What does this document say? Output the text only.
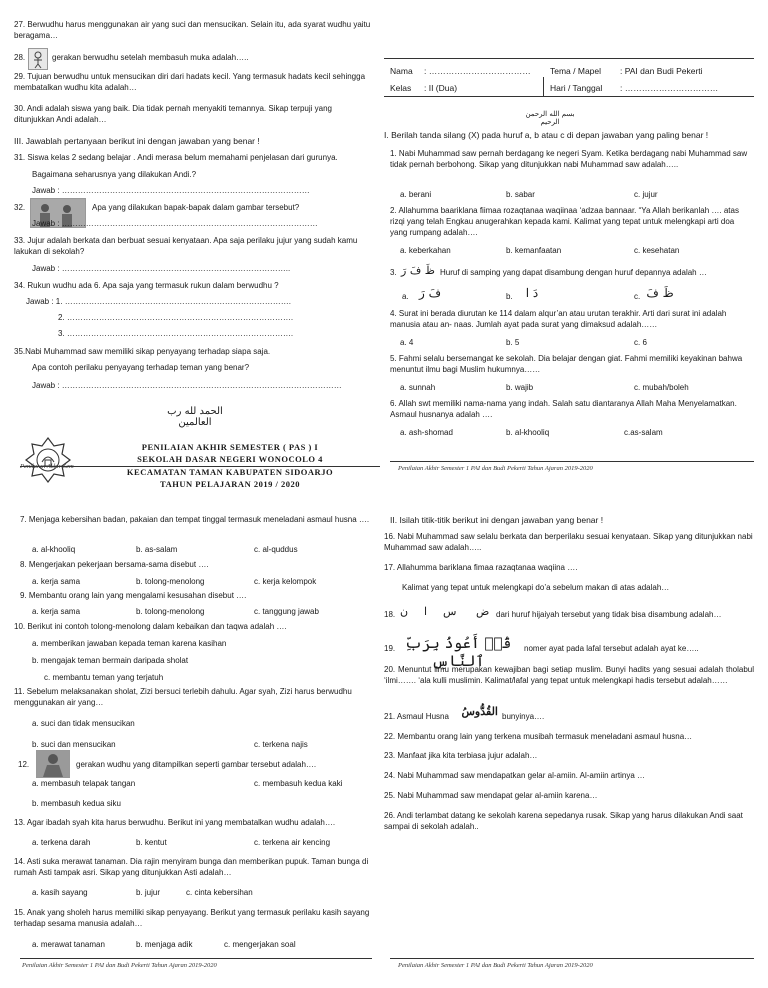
27. Berwudhu harus menggunakan air yang suci dan mensucikan. Selain itu, ada syarat wudhu yaitu beragama…
28.	gerakan berwudhu setelah membasuh muka adalah…..
29. Tujuan berwudhu untuk mensucikan diri dari hadats kecil. Yang termasuk hadats kecil sehingga membatalkan wudhu kita adalah…
30. Andi adalah siswa yang baik. Dia tidak pernah menyakiti temannya. Sikap terpuji yang ditunjukkan Andi adalah…
III. Jawablah pertanyaan berikut ini dengan jawaban yang benar !
31. Siswa kelas 2 sedang belajar . Andi merasa belum memahami penjelasan dari gurunya.
Bagaimana seharusnya yang dilakukan Andi.?
Jawab : …………………………………………………………………………………
32.	Apa yang dilakukan bapak-bapak dalam gambar tersebut?
Jawab : ……………………………………………………………………………………
33. Jujur adalah berkata dan berbuat sesuai kenyataan. Apa saja perilaku jujur yang sudah kamu lakukan di sekolah?
Jawab : …………………………………………………………………………..
34. Rukun wudhu ada 6. Apa saja yang termasuk rukun dalam berwudhu ?
Jawab : 1. ………………………………………………………………………….
2. ………………………………………………………………………….
3. ………………………………………………………………………….
35.Nabi Muhammad saw memiliki sikap penyayang terhadap siapa saja.
Apa contoh perilaku penyayang terhadap teman yang benar?
Jawab : ……………………………………………………………………………………………
الحمد لله رب العالمين
PENILAIAN AKHIR SEMESTER ( PAS ) I
SEKOLAH DASAR NEGERI WONOCOLO 4
KECAMATAN TAMAN KABUPATEN SIDOARJO
TAHUN PELAJARAN 2019 / 2020
Nama : ……………………………… Tema / Mapel : PAI dan Budi Pekerti
Kelas : II (Dua)	Hari / Tanggal : ……………………………
بسم الله الرحمن الرحيم
I. Berilah tanda silang (X) pada huruf a, b atau c di depan jawaban yang paling benar !
1. Nabi Muhammad saw pernah berdagang ke negeri Syam. Ketika berdagang nabi Muhammad saw tidak pernah berbohong. Sikap yang ditunjukkan nabi Muhammad saw adalah…..
a. berani	b. sabar	c. jujur
2. Allahumma baariklana fiimaa rozaqtanaa waqiinaa ‘adzaa bannaar. “Ya Allah berikanlah …. atas rizqi yang telah Engkau anugerahkan kepada kami. Kalimat yang tepat untuk melengkapi arti doa yang rumpang adalah….
a. keberkahan	b. kemanfaatan	c. kesehatan
3. ظَ فَ رَ Huruf di samping yang dapat disambung dengan huruf depannya adalah …
a. فَ رَ	b.	دَ ا	c. ظَ فَ
4. Surat ini berada diurutan ke 114 dalam alqur’an atau urutan terakhir. Arti dari surat ini adalah manusia atau an- naas. Jumlah ayat pada surat yang dimaksud adalah……
a. 4	b. 5	c. 6
5. Fahmi selalu bersemangat ke sekolah. Dia belajar dengan giat. Fahmi memiliki keyakinan bahwa menuntut ilmu bagi Muslim hukumnya……
a. sunnah	b. wajib	c. mubah/boleh
6. Allah swt memiliki nama-nama yang indah. Salah satu diantaranya Allah Maha Menyelamatkan. Asmaul husnanya adalah ….
a. ash-shomad	b. al-khooliq	c.as-salam
Penilaian Akhir Semester 1 PAI dan Budi Pekerti Tahun Ajaran 2019-2020
7. Menjaga kebersihan badan, pakaian dan tempat tinggal termasuk meneladani asmaul husna ….
a. al-khooliq	b. as-salam	c. al-quddus
8. Mengerjakan pekerjaan bersama-sama disebut ….
a. kerja sama	b. tolong-menolong	c. kerja kelompok
9. Membantu orang lain yang mengalami kesusahan disebut ….
a. kerja sama	b. tolong-menolong	c. tanggung jawab
10. Berikut ini contoh tolong-menolong dalam kebaikan dan taqwa adalah ….
a. memberikan jawaban kepada teman karena kasihan
b. mengajak teman bermain daripada sholat
c. membantu teman yang terjatuh
11. Sebelum melaksanakan sholat, Zizi bersuci terlebih dahulu. Agar syah, Zizi harus berwudhu menggunakan air yang…
a. suci dan tidak mensucikan
b. suci dan mensucikan	c. terkena najis
12.	gerakan wudhu yang ditampilkan seperti gambar tersebut adalah….
a. membasuh telapak tangan	c. membasuh kedua kaki
b. membasuh kedua siku
13. Agar ibadah syah kita harus berwudhu. Berikut ini yang membatalkan wudhu adalah….
a. terkena darah	b. kentut	c. terkena air kencing
14. Asti suka merawat tanaman. Dia rajin menyiram bunga dan memberikan pupuk. Taman bunga di rumah Asti tampak asri. Sikap yang ditunjukkan Asti adalah…
a. kasih sayang	b. jujur	c. cinta kebersihan
15. Anak yang sholeh harus memiliki sikap penyayang. Berikut yang termasuk perilaku kasih sayang terhadap sesama manusia adalah…
a. merawat tanaman	b. menjaga adik	c. mengerjakan soal
Penilaian Akhir Semester 1 PAI dan Budi Pekerti Tahun Ajaran 2019-2020
II. Isilah titik-titik berikut ini dengan jawaban yang benar !
16. Nabi Muhammad saw selalu berkata dan berperilaku sesuai kenyataan. Sikap yang ditunjukkan nabi Muhammad saw adalah…..
17. Allahumma bariklana fimaa razaqtanaa waqiina ….
Kalimat yang tepat untuk melengkapi do’a sebelum makan di atas adalah…
18. ن ا س ض dari huruf hijaiyah tersebut yang tidak bisa disambung adalah…
19. قُلۡ أَعُوذُ بِرَبِّ ٱلنَّاسِ
nomer ayat pada lafal tersebut adalah ayat ke…..
20. Menuntut ilmu merupakan kewajiban bagi setiap muslim. Bunyi hadits yang sesuai adalah tholabul ‘ilmi……. ‘ala kulli muslimin. Kalimat/lafal yang tepat untuk melengkapi hadis tersebut adalah……
21. Asmaul Husna القُدُّوسُ bunyinya….
22. Membantu orang lain yang terkena musibah termasuk meneladani asmaul husna…
23. Manfaat jika kita terbiasa jujur adalah…
24. Nabi Muhammad saw mendapatkan gelar al-amiin. Al-amiin artinya …
25. Nabi Muhammad saw mendapat gelar al-amiin karena…
26. Andi terlambat datang ke sekolah karena sepedanya rusak. Sikap yang harus dilakukan Andi saat sampai di sekolah adalah..
Penilaian Akhir Semester 1 PAI dan Budi Pekerti Tahun Ajaran 2019-2020
